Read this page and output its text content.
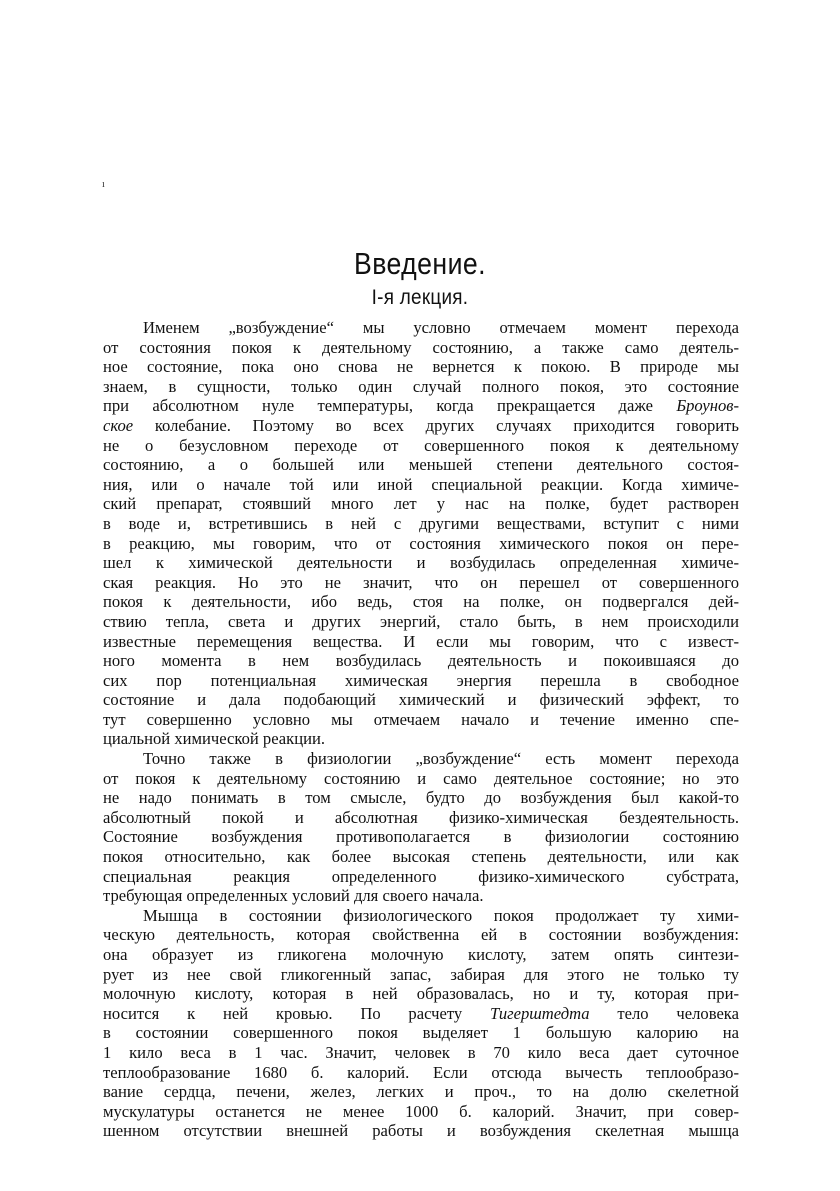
ı
Введение.
I-я лекция.
Именем „возбуждение“ мы условно отмечаем момент перехода
от состояния покоя к деятельному состоянию, а также само деятель-
ное состояние, пока оно снова не вернется к покою. В природе мы
знаем, в сущности, только один случай полного покоя, это состояние
при абсолютном нуле температуры, когда прекращается даже Броунов-
ское колебание. Поэтому во всех других случаях приходится говорить
не о безусловном переходе от совершенного покоя к деятельному
состоянию, а о большей или меньшей степени деятельного состоя-
ния, или о начале той или иной специальной реакции. Когда химиче-
ский препарат, стоявший много лет у нас на полке, будет растворен
в воде и, встретившись в ней с другими веществами, вступит с ними
в реакцию, мы говорим, что от состояния химического покоя он пере-
шел к химической деятельности и возбудилась определенная химиче-
ская реакция. Но это не значит, что он перешел от совершенного
покоя к деятельности, ибо ведь, стоя на полке, он подвергался дей-
ствию тепла, света и других энергий, стало быть, в нем происходили
известные перемещения вещества. И если мы говорим, что с извест-
ного момента в нем возбудилась деятельность и покоившаяся до
сих пор потенциальная химическая энергия перешла в свободное
состояние и дала подобающий химический и физический эффект, то
тут совершенно условно мы отмечаем начало и течение именно спе-
циальной химической реакции.
Точно также в физиологии „возбуждение“ есть момент перехода
от покоя к деятельному состоянию и само деятельное состояние; но это
не надо понимать в том смысле, будто до возбуждения был какой-то
абсолютный покой и абсолютная физико-химическая бездеятельность.
Состояние возбуждения противополагается в физиологии состоянию
покоя относительно, как более высокая степень деятельности, или как
специальная реакция определенного физико-химического субстрата,
требующая определенных условий для своего начала.
Мышца в состоянии физиологического покоя продолжает ту хими-
ческую деятельность, которая свойственна ей в состоянии возбуждения:
она образует из гликогена молочную кислоту, затем опять синтези-
рует из нее свой гликогенный запас, забирая для этого не только ту
молочную кислоту, которая в ней образовалась, но и ту, которая при-
носится к ней кровью. По расчету Тигерштедта тело человека
в состоянии совершенного покоя выделяет 1 большую калорию на
1 кило веса в 1 час. Значит, человек в 70 кило веса дает суточное
теплообразование 1680 б. калорий. Если отсюда вычесть теплообразо-
вание сердца, печени, желез, легких и проч., то на долю скелетной
мускулатуры останется не менее 1000 б. калорий. Значит, при совер-
шенном отсутствии внешней работы и возбуждения скелетная мышца
